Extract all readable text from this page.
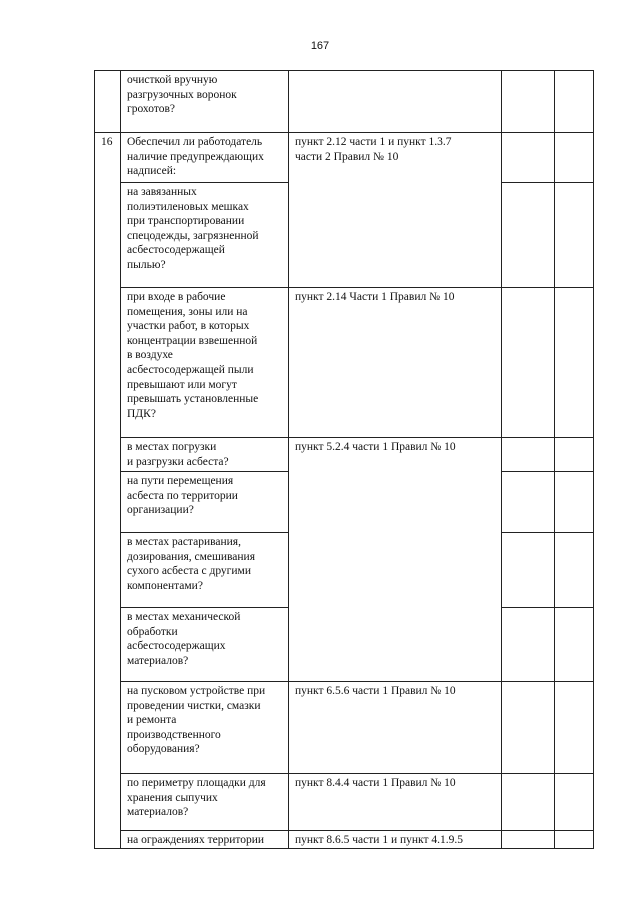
167
16
очисткой вручную
разгрузочных воронок
грохотов?
Обеспечил ли работодатель
наличие предупреждающих
надписей:
на завязанных
полиэтиленовых мешках
при транспортировании
спецодежды, загрязненной
асбестосодержащей
пылью?
при входе в рабочие
помещения, зоны или на
участки работ, в которых
концентрации взвешенной
в воздухе
асбестосодержащей пыли
превышают или могут
превышать установленные
ПДК?
в местах погрузки
и разгрузки асбеста?
на пути перемещения
асбеста по территории
организации?
в местах растаривания,
дозирования, смешивания
сухого асбеста с другими
компонентами?
в местах механической
обработки
асбестосодержащих
материалов?
на пусковом устройстве при
проведении чистки, смазки
и ремонта
производственного
оборудования?
по периметру площадки для
хранения сыпучих
материалов?
на ограждениях территории
пункт 2.12 части 1 и пункт 1.3.7
части 2 Правил № 10
пункт 2.14 Части 1 Правил № 10
пункт 5.2.4 части 1 Правил № 10
пункт 6.5.6 части 1 Правил № 10
пункт 8.4.4 части 1 Правил № 10
пункт 8.6.5 части 1 и пункт 4.1.9.5
